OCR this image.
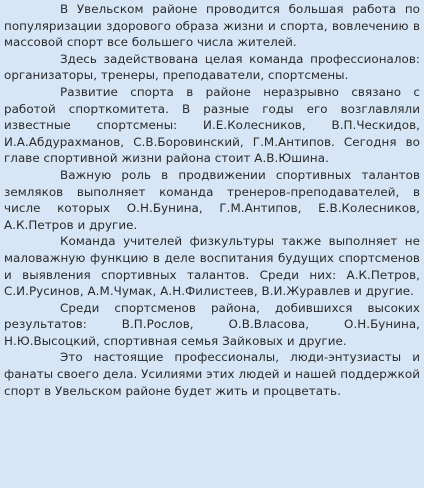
В Увельском районе проводится большая работа по популяризации здорового образа жизни и спорта, вовлечению в массовой спорт все большего числа жителей.

Здесь задействована целая команда профессионалов: организаторы, тренеры, преподаватели, спортсмены.

Развитие спорта в районе неразрывно связано с работой спорткомитета. В разные годы его возглавляли известные спортсмены: И.Е.Колесников, В.П.Ческидов, И.А.Абдурахманов, С.В.Боровинский, Г.М.Антипов. Сегодня во главе спортивной жизни района стоит А.В.Юшина.

Важную роль в продвижении спортивных талантов земляков выполняет команда тренеров-преподавателей, в числе которых О.Н.Бунина, Г.М.Антипов, Е.В.Колесников, А.К.Петров и другие.

Команда учителей физкультуры также выполняет не маловажную функцию в деле воспитания будущих спортсменов и выявления спортивных талантов. Среди них: А.К.Петров, С.И.Русинов, А.М.Чумак, А.Н.Филистеев, В.И.Журавлев и другие.

Среди спортсменов района, добившихся высоких результатов: В.П.Рослов, О.В.Власова, О.Н.Бунина, Н.Ю.Высоцкий, спортивная семья Зайковых и другие.

Это настоящие профессионалы, люди-энтузиасты и фанаты своего дела. Усилиями этих людей и нашей поддержкой спорт в Увельском районе будет жить и процветать.
